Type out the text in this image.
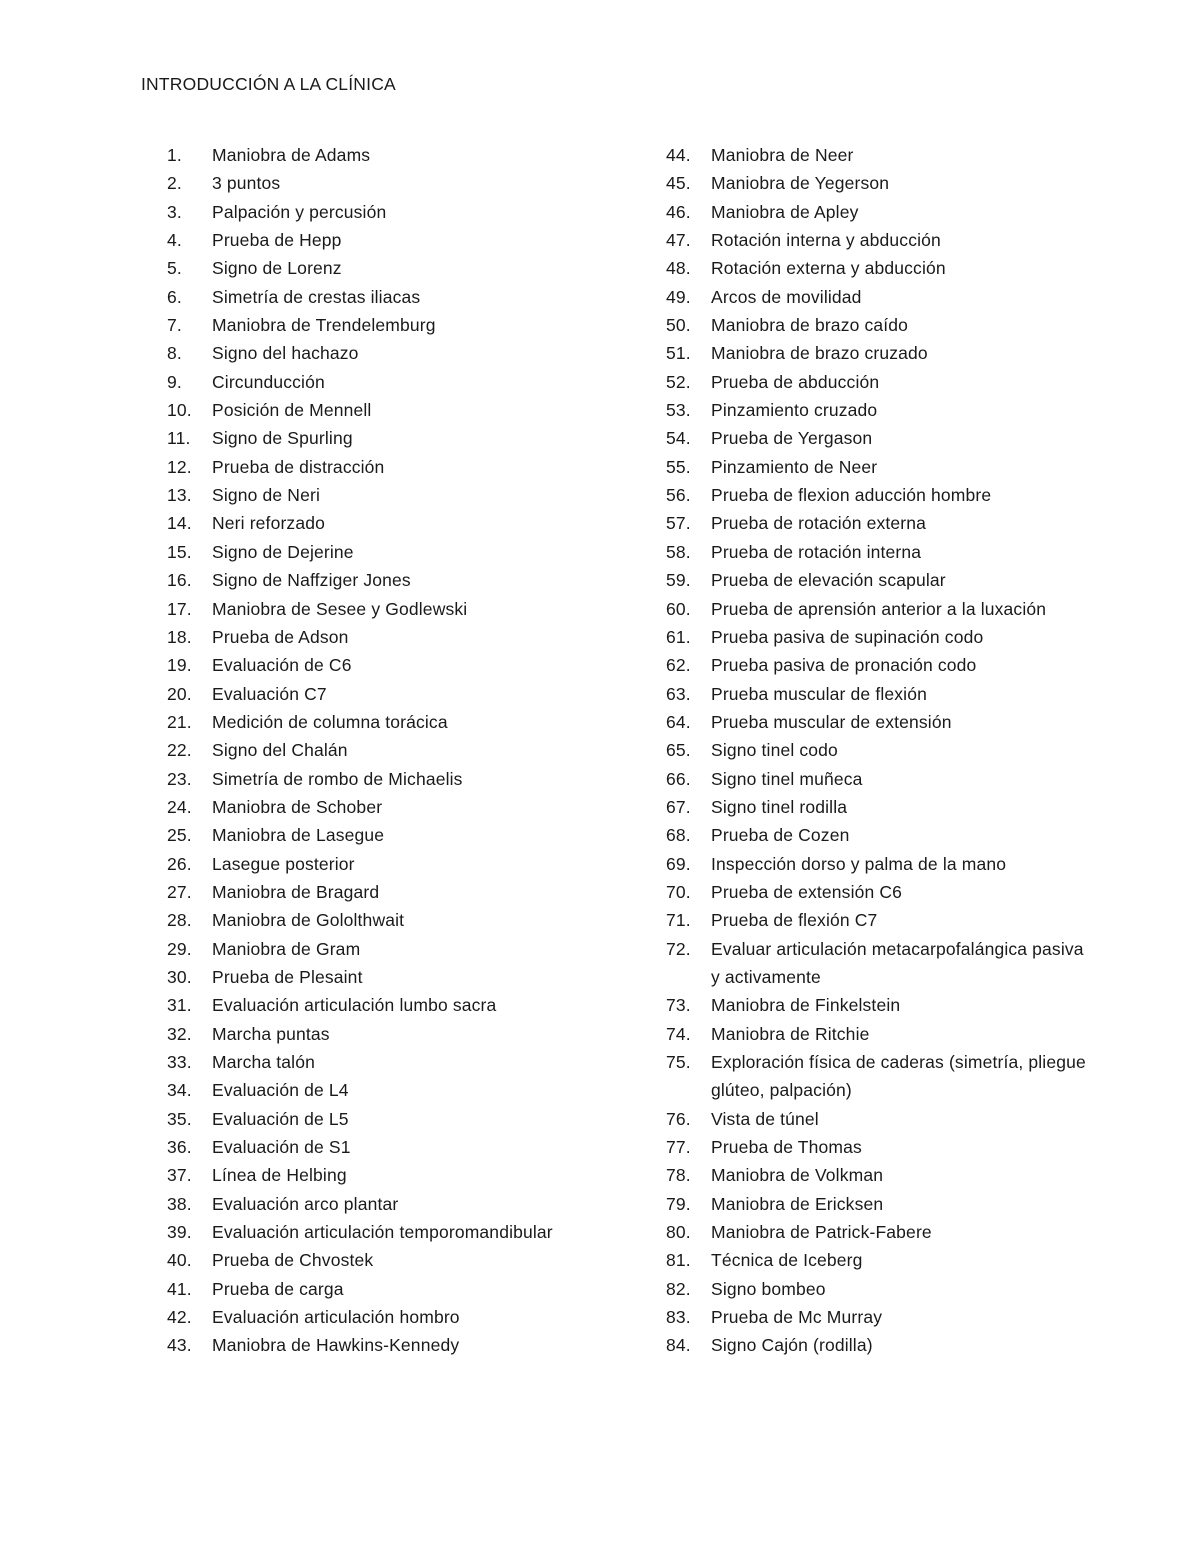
INTRODUCCIÓN A LA CLÍNICA
1. Maniobra de Adams
2. 3 puntos
3. Palpación y percusión
4. Prueba de Hepp
5. Signo de Lorenz
6. Simetría de crestas iliacas
7. Maniobra de Trendelemburg
8. Signo del hachazo
9. Circunducción
10. Posición de Mennell
11. Signo de Spurling
12. Prueba de distracción
13. Signo de Neri
14. Neri reforzado
15. Signo de Dejerine
16. Signo de Naffziger Jones
17. Maniobra de Sesee y Godlewski
18. Prueba de Adson
19. Evaluación de C6
20. Evaluación C7
21. Medición de columna torácica
22. Signo del Chalán
23. Simetría de rombo de Michaelis
24. Maniobra de Schober
25. Maniobra de Lasegue
26. Lasegue posterior
27. Maniobra de Bragard
28. Maniobra de Gololthwait
29. Maniobra de Gram
30. Prueba de Plesaint
31. Evaluación articulación lumbo sacra
32. Marcha puntas
33. Marcha talón
34. Evaluación de L4
35. Evaluación de L5
36. Evaluación de S1
37. Línea de Helbing
38. Evaluación arco plantar
39. Evaluación articulación temporomandibular
40. Prueba de Chvostek
41. Prueba de carga
42. Evaluación articulación hombro
43. Maniobra de Hawkins-Kennedy
44. Maniobra de Neer
45. Maniobra de Yegerson
46. Maniobra de Apley
47. Rotación interna y abducción
48. Rotación externa y abducción
49. Arcos de movilidad
50. Maniobra de brazo caído
51. Maniobra de brazo cruzado
52. Prueba de abducción
53. Pinzamiento cruzado
54. Prueba de Yergason
55. Pinzamiento de Neer
56. Prueba de flexion aducción hombre
57. Prueba de rotación externa
58. Prueba de rotación interna
59. Prueba de elevación scapular
60. Prueba de aprensión anterior a la luxación
61. Prueba pasiva de supinación codo
62. Prueba pasiva de pronación codo
63. Prueba muscular de flexión
64. Prueba muscular de extensión
65. Signo tinel codo
66. Signo tinel muñeca
67. Signo tinel rodilla
68. Prueba de Cozen
69. Inspección dorso y palma de la mano
70. Prueba de extensión C6
71. Prueba de flexión C7
72. Evaluar articulación metacarpofalángica pasiva y activamente
73. Maniobra de Finkelstein
74. Maniobra de Ritchie
75. Exploración física de caderas (simetría, pliegue glúteo, palpación)
76. Vista de túnel
77. Prueba de Thomas
78. Maniobra de Volkman
79. Maniobra de Ericksen
80. Maniobra de Patrick-Fabere
81. Técnica de Iceberg
82. Signo bombeo
83. Prueba de Mc Murray
84. Signo Cajón (rodilla)
